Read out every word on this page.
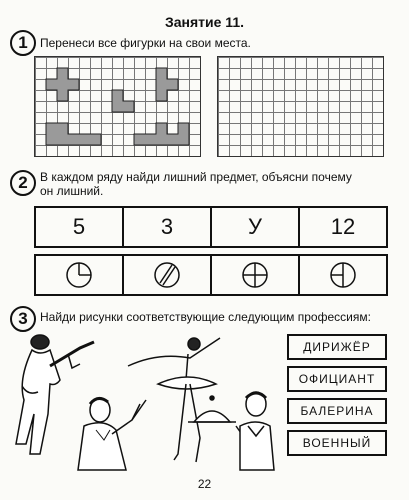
Занятие 11.
1	Перенеси все фигурки на свои места.
2	В каждом ряду найди лишний предмет, объясни почему
он лишний.
5	3	У	12
3	Найди рисунки соответствующие следующим профессиям:
ДИРИЖЁР
ОФИЦИАНТ
БАЛЕРИНА
ВОЕННЫЙ
22
